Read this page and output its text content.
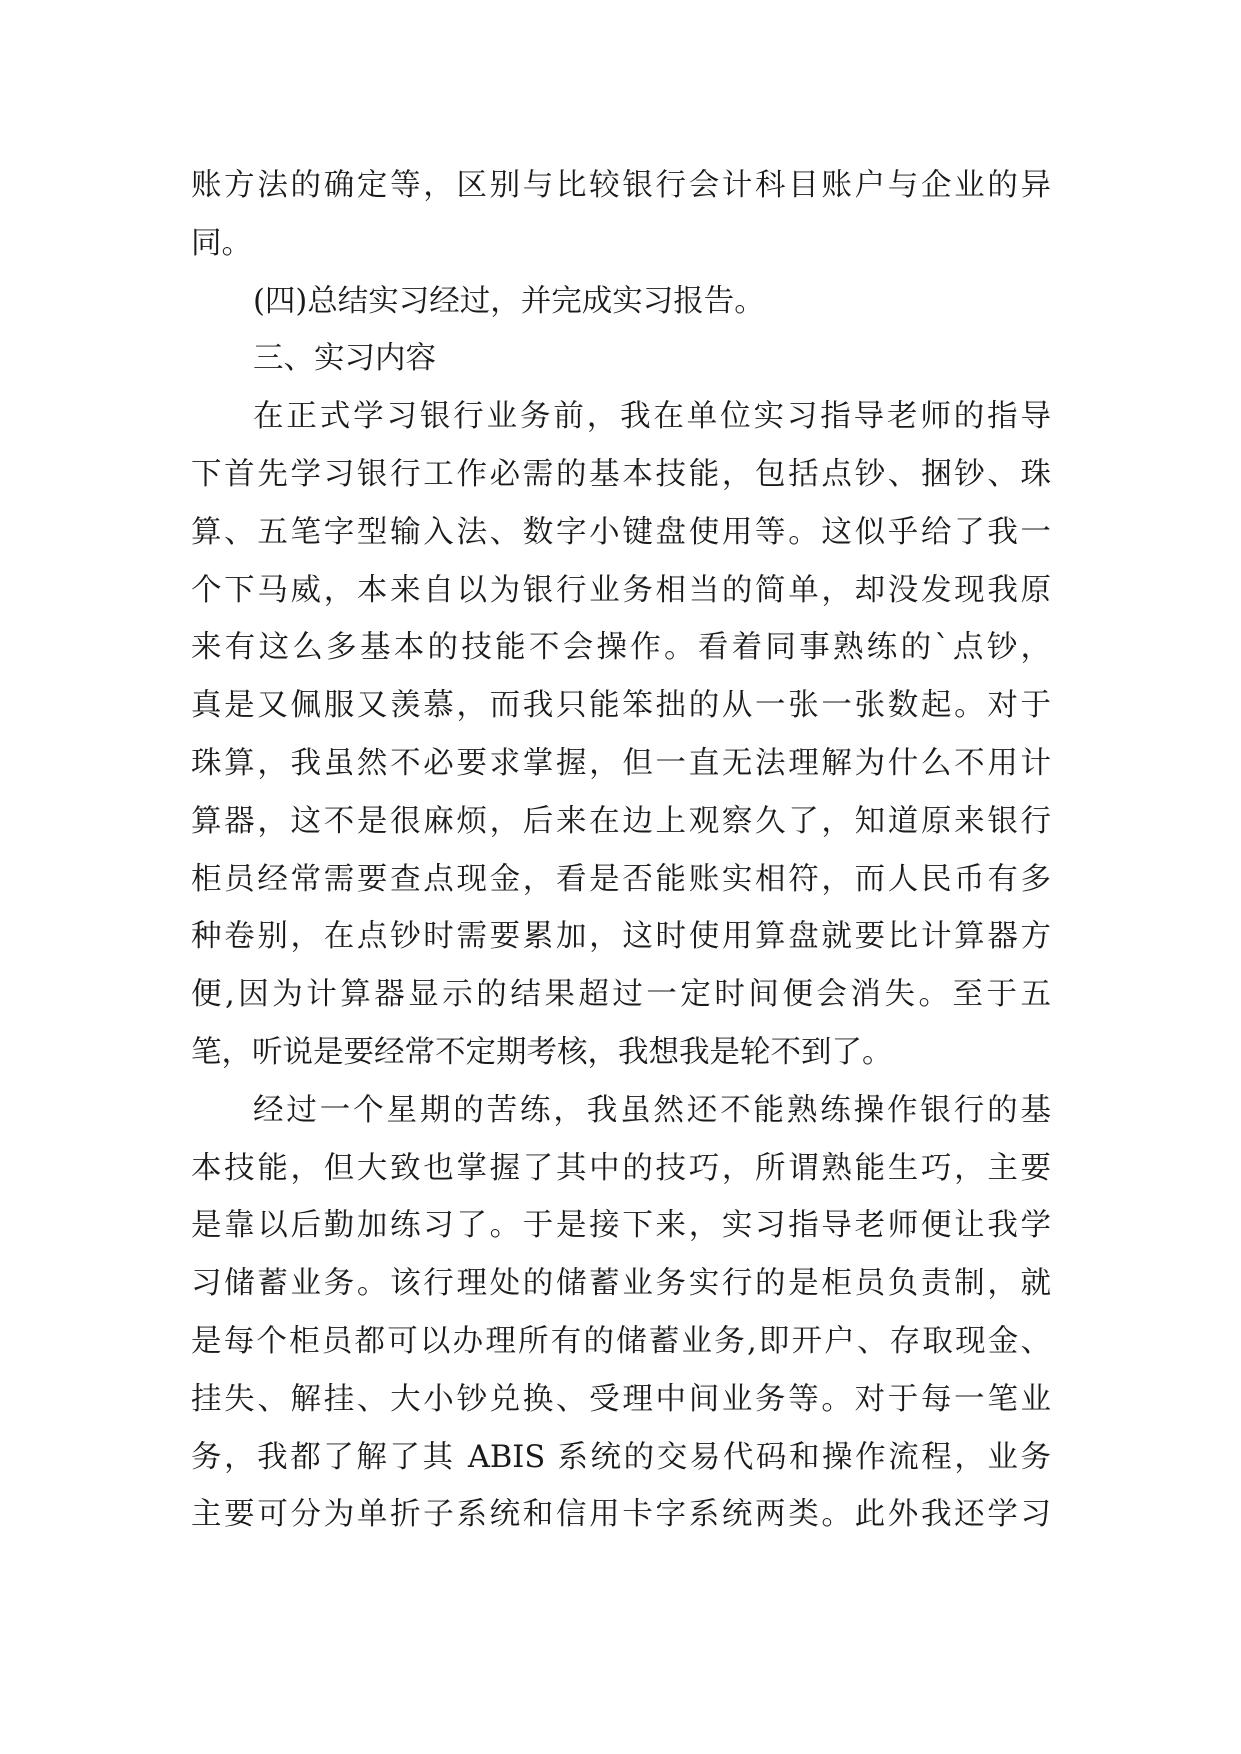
账方法的确定等，区别与比较银行会计科目账户与企业的异
同。
(四)总结实习经过，并完成实习报告。
三、实习内容
在正式学习银行业务前，我在单位实习指导老师的指导
下首先学习银行工作必需的基本技能，包括点钞、捆钞、珠
算、五笔字型输入法、数字小键盘使用等。这似乎给了我一
个下马威，本来自以为银行业务相当的简单，却没发现我原
来有这么多基本的技能不会操作。看着同事熟练的`点钞，
真是又佩服又羡慕，而我只能笨拙的从一张一张数起。对于
珠算，我虽然不必要求掌握，但一直无法理解为什么不用计
算器，这不是很麻烦，后来在边上观察久了，知道原来银行
柜员经常需要查点现金，看是否能账实相符，而人民币有多
种卷别，在点钞时需要累加，这时使用算盘就要比计算器方
便,因为计算器显示的结果超过一定时间便会消失。至于五
笔，听说是要经常不定期考核，我想我是轮不到了。
经过一个星期的苦练，我虽然还不能熟练操作银行的基
本技能，但大致也掌握了其中的技巧，所谓熟能生巧，主要
是靠以后勤加练习了。于是接下来，实习指导老师便让我学
习储蓄业务。该行理处的储蓄业务实行的是柜员负责制，就
是每个柜员都可以办理所有的储蓄业务,即开户、存取现金、
挂失、解挂、大小钞兑换、受理中间业务等。对于每一笔业
务，我都了解了其 ABIS 系统的交易代码和操作流程，业务
主要可分为单折子系统和信用卡字系统两类。此外我还学习
